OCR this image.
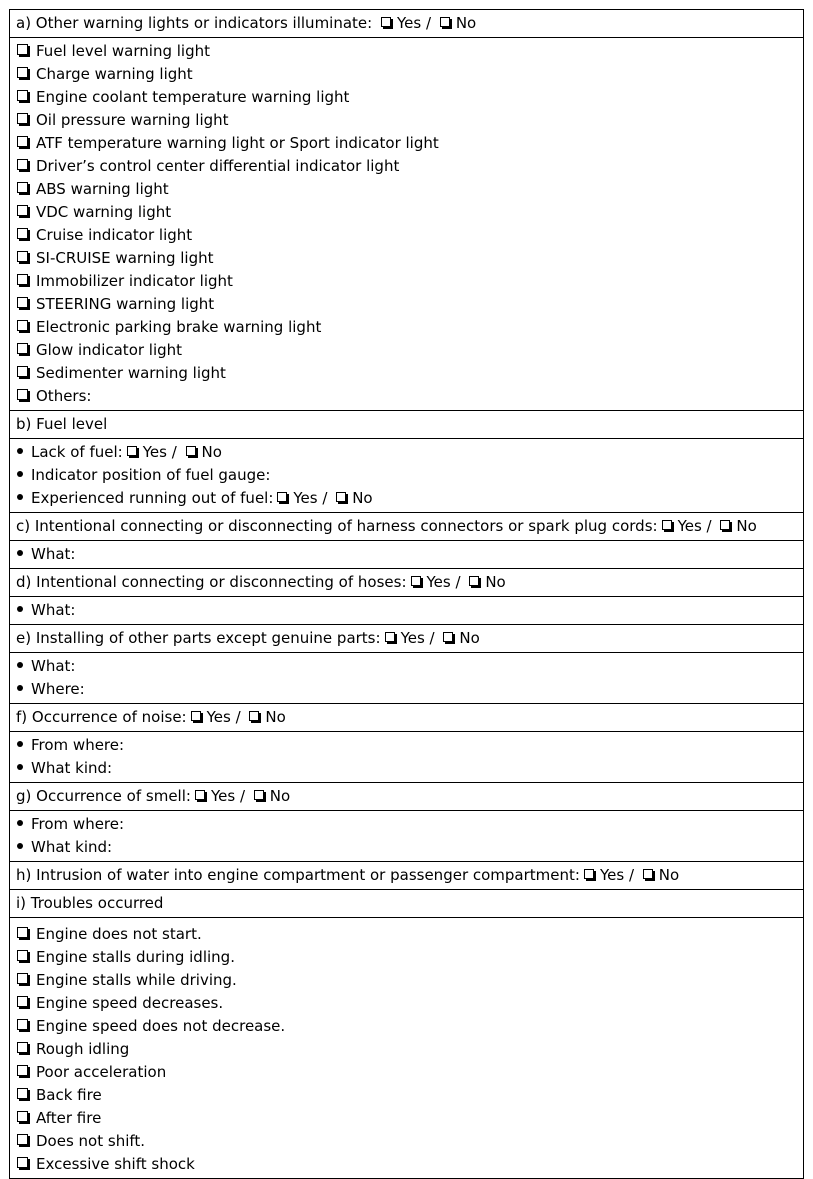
a) Other warning lights or indicators illuminate: Yes / No

Fuel level warning light
Charge warning light
Engine coolant temperature warning light
Oil pressure warning light
ATF temperature warning light or Sport indicator light
Driver’s control center differential indicator light
ABS warning light
VDC warning light
Cruise indicator light
SI-CRUISE warning light
Immobilizer indicator light
STEERING warning light
Electronic parking brake warning light
Glow indicator light
Sedimenter warning light
Others:

b) Fuel level

Lack of fuel: Yes / No
Indicator position of fuel gauge:
Experienced running out of fuel: Yes / No

c) Intentional connecting or disconnecting of harness connectors or spark plug cords: Yes / No

What:

d) Intentional connecting or disconnecting of hoses: Yes / No

What:

e) Installing of other parts except genuine parts: Yes / No

What:
Where:

f) Occurrence of noise: Yes / No

From where:
What kind:

g) Occurrence of smell: Yes / No

From where:
What kind:

h) Intrusion of water into engine compartment or passenger compartment: Yes / No
i) Troubles occurred

Engine does not start.
Engine stalls during idling.
Engine stalls while driving.
Engine speed decreases.
Engine speed does not decrease.
Rough idling
Poor acceleration
Back fire
After fire
Does not shift.
Excessive shift shock
